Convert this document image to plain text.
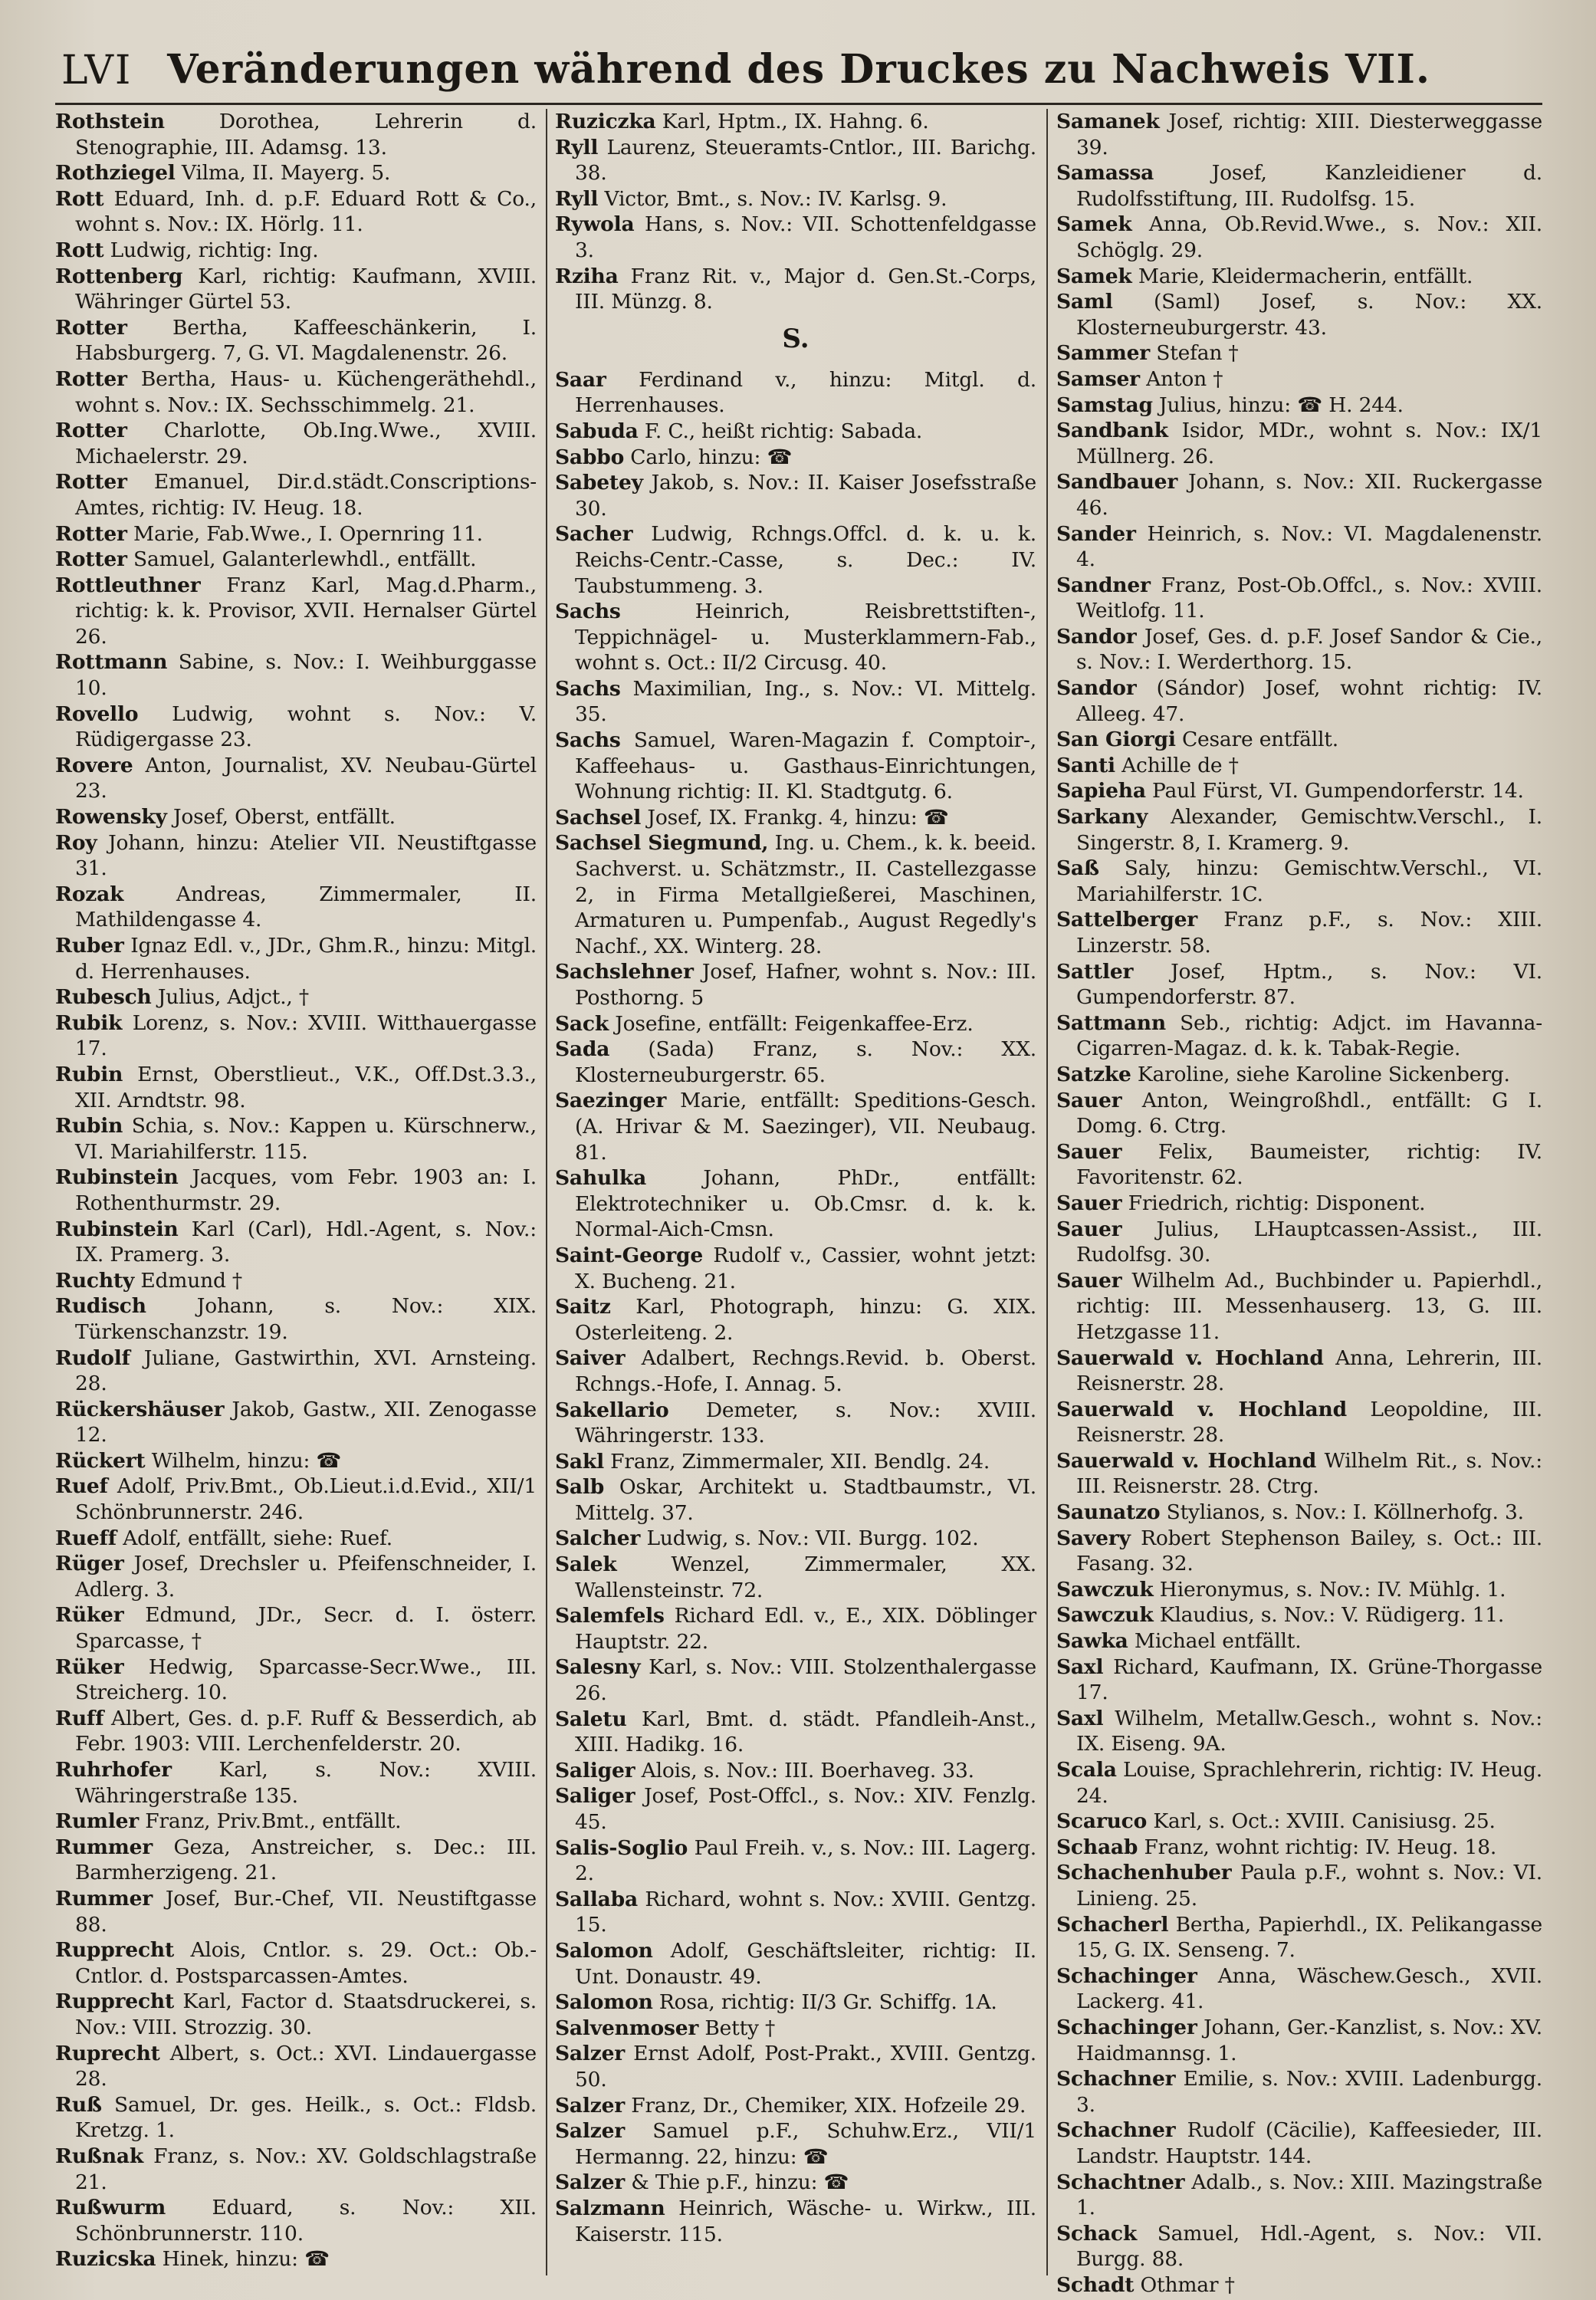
LVI Veränderungen während des Druckes zu Nachweis VII.
Rothstein	Dorothea, Lehrerin d. Stenographie, III. Adamsg. 13.
Rothziegel Vilma, II. Mayerg. 5.
Rott Eduard, Inh. d. p.F. Eduard Rott & Co., wohnt s. Nov.: IX. Hörlg. 11.
Rott Ludwig, richtig: Ing.
Rottenberg Karl, richtig: Kaufmann, XVIII. Währinger Gürtel 53.
Rotter Bertha, Kaffeeschänkerin, I. Habsburgerg. 7, G. VI. Magdalenenstr. 26.
Rotter Bertha, Haus- u. Küchengeräthehdl., wohnt s. Nov.: IX. Sechsschimmelg. 21.
Rotter Charlotte, Ob.Ing.Wwe., XVIII. Michaelerstr. 29.
Rotter Emanuel, Dir.d.städt.Conscriptions-Amtes, richtig: IV. Heug. 18.
Rotter Marie, Fab.Wwe., I. Opernring 11.
Rotter Samuel, Galanterlewhdl., entfällt.
Rottleuthner Franz Karl, Mag.d.Pharm., richtig: k. k. Provisor, XVII. Hernalser Gürtel 26.
Rottmann Sabine, s. Nov.: I. Weihburggasse 10.
Rovello Ludwig, wohnt s. Nov.: V. Rüdigergasse 23.
Rovere Anton, Journalist, XV. Neubau-Gürtel 23.
Rowensky Josef, Oberst, entfällt.
Roy Johann, hinzu: Atelier VII. Neustiftgasse 31.
Rozak	Andreas, Zimmermaler, II. Mathildengasse 4.
Ruber Ignaz Edl. v., JDr., Ghm.R., hinzu: Mitgl. d. Herrenhauses.
Rubesch Julius, Adjct., †
Rubik Lorenz, s. Nov.: XVIII. Witthauergasse 17.
Rubin Ernst, Oberstlieut., V.K., Off.Dst.3.3., XII. Arndtstr. 98.
Rubin Schia, s. Nov.: Kappen u. Kürschnerw., VI. Mariahilferstr. 115.
Rubinstein Jacques, vom Febr. 1903 an: I. Rothenthurmstr. 29.
Rubinstein Karl (Carl), Hdl.-Agent, s. Nov.: IX. Pramerg. 3.
Ruchty Edmund †
Rudisch Johann, s. Nov.: XIX. Türkenschanzstr. 19.
Rudolf Juliane, Gastwirthin, XVI. Arnsteing. 28.
Rückershäuser Jakob, Gastw., XII. Zenogasse 12.
Rückert Wilhelm, hinzu: ☎
Ruef Adolf, Priv.Bmt., Ob.Lieut.i.d.Evid., XII/1 Schönbrunnerstr. 246.
Rueff Adolf, entfällt, siehe: Ruef.
Rüger Josef, Drechsler u. Pfeifenschneider, I. Adlerg. 3.
Rüker Edmund, JDr., Secr. d. I. österr. Sparcasse, †
Rüker Hedwig, Sparcasse-Secr.Wwe., III. Streicherg. 10.
Ruff Albert, Ges. d. p.F. Ruff & Besserdich, ab Febr. 1903: VIII. Lerchenfelderstr. 20.
Ruhrhofer Karl, s. Nov.: XVIII. Währingerstraße 135.
Rumler Franz, Priv.Bmt., entfällt.
Rummer Geza, Anstreicher, s. Dec.: III. Barmherzigeng. 21.
Rummer Josef, Bur.-Chef, VII. Neustiftgasse 88.
Rupprecht Alois, Cntlor. s. 29. Oct.: Ob.-Cntlor. d. Postsparcassen-Amtes.
Rupprecht Karl, Factor d. Staatsdruckerei, s. Nov.: VIII. Strozzig. 30.
Ruprecht Albert, s. Oct.: XVI. Lindauergasse 28.
Ruß Samuel, Dr. ges. Heilk., s. Oct.: Fldsb. Kretzg. 1.
Rußnak Franz, s. Nov.: XV. Goldschlagstraße 21.
Rußwurm Eduard, s. Nov.: XII. Schönbrunnerstr. 110.
Ruzicska Hinek, hinzu: ☎
Ruziczka Karl, Hptm., IX. Hahng. 6.
Ryll Laurenz, Steueramts-Cntlor., III. Barichg. 38.
Ryll Victor, Bmt., s. Nov.: IV. Karlsg. 9.
Rywola Hans, s. Nov.: VII. Schottenfeldgasse 3.
Rziha Franz Rit. v., Major d. Gen.St.-Corps, III. Münzg. 8.
S.
Saar Ferdinand v., hinzu: Mitgl. d. Herrenhauses.
Sabuda F. C., heißt richtig: Sabada.
Sabbo Carlo, hinzu: ☎
Sabetey Jakob, s. Nov.: II. Kaiser Josefsstraße 30.
Sacher Ludwig, Rchngs.Offcl. d. k. u. k. Reichs-Centr.-Casse, s. Dec.: IV. Taubstummeng. 3.
Sachs	Heinrich, Reisbrettstiften-, Teppichnägel- u. Musterklammern-Fab., wohnt s. Oct.: II/2 Circusg. 40.
Sachs Maximilian, Ing., s. Nov.: VI. Mittelg. 35.
Sachs Samuel, Waren-Magazin f. Comptoir-, Kaffeehaus- u. Gasthaus-Einrichtungen, Wohnung richtig: II. Kl. Stadtgutg. 6.
Sachsel Josef, IX. Frankg. 4, hinzu: ☎
Sachsel Siegmund, Ing. u. Chem., k. k. beeid. Sachverst. u. Schätzmstr., II. Castellezgasse 2, in Firma Metallgießerei, Maschinen, Armaturen u. Pumpenfab., August Regedly's Nachf., XX. Winterg. 28.
Sachslehner Josef, Hafner, wohnt s. Nov.: III. Posthorng. 5
Sack Josefine, entfällt: Feigenkaffee-Erz.
Sada (Sada) Franz, s. Nov.: XX. Klosterneuburgerstr. 65.
Saezinger Marie, entfällt: Speditions-Gesch. (A. Hrivar & M. Saezinger), VII. Neubaug. 81.
Sahulka	Johann, PhDr., entfällt: Elektrotechniker u. Ob.Cmsr. d. k. k. Normal-Aich-Cmsn.
Saint-George Rudolf v., Cassier, wohnt jetzt: X. Bucheng. 21.
Saitz Karl, Photograph, hinzu: G. XIX. Osterleiteng. 2.
Saiver Adalbert, Rechngs.Revid. b. Oberst. Rchngs.-Hofe, I. Annag. 5.
Sakellario Demeter, s. Nov.: XVIII. Währingerstr. 133.
Sakl Franz, Zimmermaler, XII. Bendlg. 24.
Salb Oskar, Architekt u. Stadtbaumstr., VI. Mittelg. 37.
Salcher Ludwig, s. Nov.: VII. Burgg. 102.
Salek	Wenzel, Zimmermaler, XX. Wallensteinstr. 72.
Salemfels Richard Edl. v., E., XIX. Döblinger Hauptstr. 22.
Salesny Karl, s. Nov.: VIII. Stolzenthalergasse 26.
Saletu Karl, Bmt. d. städt. Pfandleih-Anst., XIII. Hadikg. 16.
Saliger Alois, s. Nov.: III. Boerhaveg. 33.
Saliger Josef, Post-Offcl., s. Nov.: XIV. Fenzlg. 45.
Salis-Soglio Paul Freih. v., s. Nov.: III. Lagerg. 2.
Sallaba Richard, wohnt s. Nov.: XVIII. Gentzg. 15.
Salomon Adolf, Geschäftsleiter, richtig: II. Unt. Donaustr. 49.
Salomon Rosa, richtig: II/3 Gr. Schiffg. 1A.
Salvenmoser Betty †
Salzer Ernst Adolf, Post-Prakt., XVIII. Gentzg. 50.
Salzer Franz, Dr., Chemiker, XIX. Hofzeile 29.
Salzer Samuel p.F., Schuhw.Erz., VII/1 Hermanng. 22, hinzu: ☎
Salzer & Thie p.F., hinzu: ☎
Salzmann Heinrich, Wäsche- u. Wirkw., III. Kaiserstr. 115.
Samanek Josef, richtig: XIII. Diesterweggasse 39.
Samassa	Josef, Kanzleidiener d. Rudolfsstiftung, III. Rudolfsg. 15.
Samek Anna, Ob.Revid.Wwe., s. Nov.: XII. Schöglg. 29.
Samek Marie, Kleidermacherin, entfällt.
Saml (Saml) Josef, s. Nov.: XX. Klosterneuburgerstr. 43.
Sammer Stefan †
Samser Anton †
Samstag Julius, hinzu: ☎ H. 244.
Sandbank Isidor, MDr., wohnt s. Nov.: IX/1 Müllnerg. 26.
Sandbauer Johann, s. Nov.: XII. Ruckergasse 46.
Sander Heinrich, s. Nov.: VI. Magdalenenstr. 4.
Sandner Franz, Post-Ob.Offcl., s. Nov.: XVIII. Weitlofg. 11.
Sandor Josef, Ges. d. p.F. Josef Sandor & Cie., s. Nov.: I. Werderthorg. 15.
Sandor (Sándor) Josef, wohnt richtig: IV. Alleeg. 47.
San Giorgi Cesare entfällt.
Santi Achille de †
Sapieha Paul Fürst, VI. Gumpendorferstr. 14.
Sarkany Alexander, Gemischtw.Verschl., I. Singerstr. 8, I. Kramerg. 9.
Saß Saly, hinzu: Gemischtw.Verschl., VI. Mariahilferstr. 1C.
Sattelberger Franz p.F., s. Nov.: XIII. Linzerstr. 58.
Sattler Josef, Hptm., s. Nov.: VI. Gumpendorferstr. 87.
Sattmann Seb., richtig: Adjct. im Havanna-Cigarren-Magaz. d. k. k. Tabak-Regie.
Satzke Karoline, siehe Karoline Sickenberg.
Sauer Anton, Weingroßhdl., entfällt: G I. Domg. 6. Ctrg.
Sauer Felix, Baumeister, richtig: IV. Favoritenstr. 62.
Sauer Friedrich, richtig: Disponent.
Sauer Julius, LHauptcassen-Assist., III. Rudolfsg. 30.
Sauer Wilhelm Ad., Buchbinder u. Papierhdl., richtig: III. Messenhauserg. 13, G. III. Hetzgasse 11.
Sauerwald v. Hochland Anna, Lehrerin, III. Reisnerstr. 28.
Sauerwald v. Hochland Leopoldine, III. Reisnerstr. 28.
Sauerwald v. Hochland Wilhelm Rit., s. Nov.: III. Reisnerstr. 28. Ctrg.
Saunatzo Stylianos, s. Nov.: I. Köllnerhofg. 3.
Savery Robert Stephenson Bailey, s. Oct.: III. Fasang. 32.
Sawczuk Hieronymus, s. Nov.: IV. Mühlg. 1.
Sawczuk Klaudius, s. Nov.: V. Rüdigerg. 11.
Sawka Michael entfällt.
Saxl Richard, Kaufmann, IX. Grüne-Thorgasse 17.
Saxl Wilhelm, Metallw.Gesch., wohnt s. Nov.: IX. Eiseng. 9A.
Scala Louise, Sprachlehrerin, richtig: IV. Heug. 24.
Scaruco Karl, s. Oct.: XVIII. Canisiusg. 25.
Schaab Franz, wohnt richtig: IV. Heug. 18.
Schachenhuber Paula p.F., wohnt s. Nov.: VI. Linieng. 25.
Schacherl Bertha, Papierhdl., IX. Pelikangasse 15, G. IX. Senseng. 7.
Schachinger Anna, Wäschew.Gesch., XVII. Lackerg. 41.
Schachinger Johann, Ger.-Kanzlist, s. Nov.: XV. Haidmannsg. 1.
Schachner Emilie, s. Nov.: XVIII. Ladenburgg. 3.
Schachner Rudolf (Cäcilie), Kaffeesieder, III. Landstr. Hauptstr. 144.
Schachtner Adalb., s. Nov.: XIII. Mazingstraße 1.
Schack Samuel, Hdl.-Agent, s. Nov.: VII. Burgg. 88.
Schadt Othmar †
